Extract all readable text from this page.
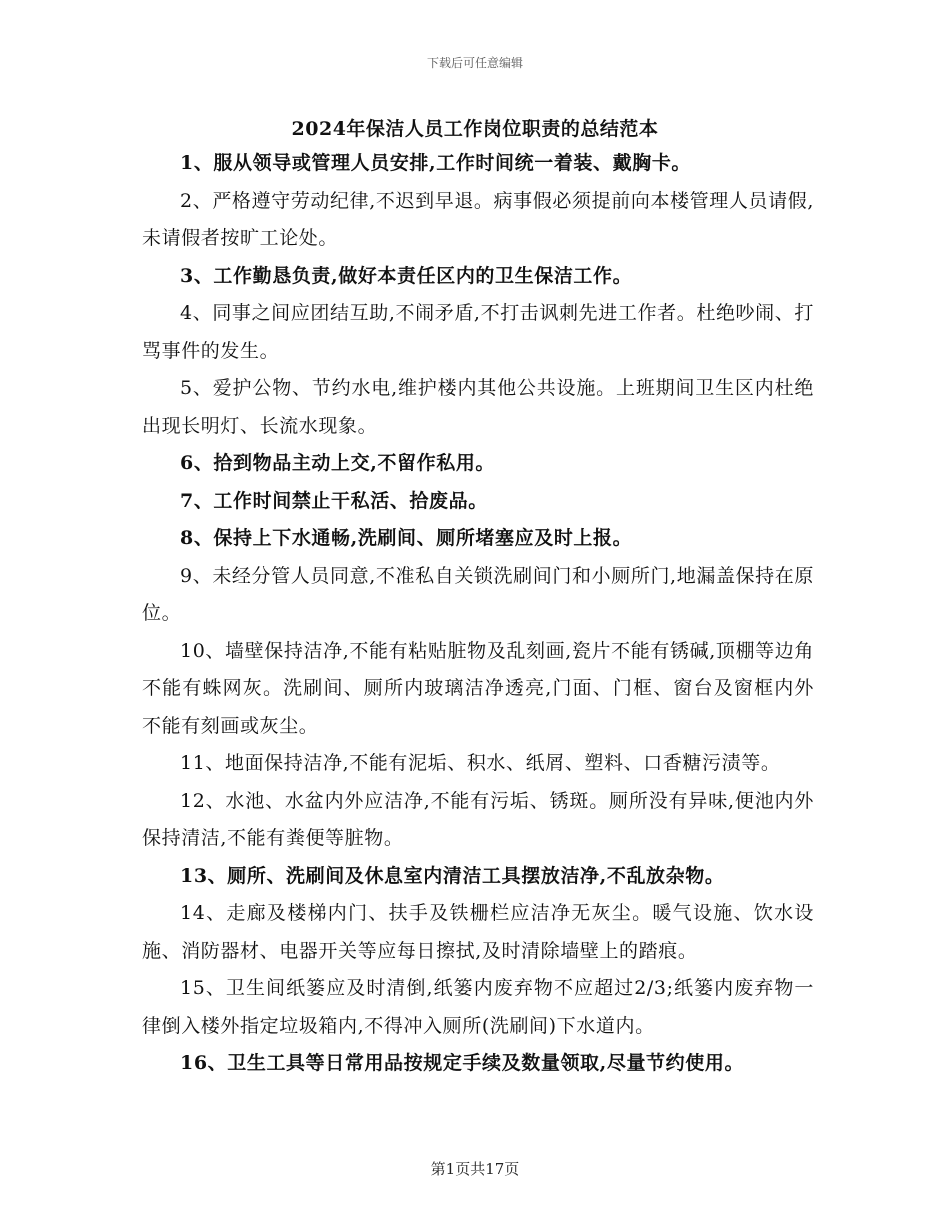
下载后可任意编辑
2024年保洁人员工作岗位职责的总结范本

1、服从领导或管理人员安排,工作时间统一着装、戴胸卡。

2、严格遵守劳动纪律,不迟到早退。病事假必须提前向本楼管理人员请假,未请假者按旷工论处。

3、工作勤恳负责,做好本责任区内的卫生保洁工作。

4、同事之间应团结互助,不闹矛盾,不打击讽刺先进工作者。杜绝吵闹、打骂事件的发生。

5、爱护公物、节约水电,维护楼内其他公共设施。上班期间卫生区内杜绝出现长明灯、长流水现象。

6、拾到物品主动上交,不留作私用。

7、工作时间禁止干私活、拾废品。

8、保持上下水通畅,洗刷间、厕所堵塞应及时上报。

9、未经分管人员同意,不准私自关锁洗刷间门和小厕所门,地漏盖保持在原位。

10、墙壁保持洁净,不能有粘贴脏物及乱刻画,瓷片不能有锈碱,顶棚等边角不能有蛛网灰。洗刷间、厕所内玻璃洁净透亮,门面、门框、窗台及窗框内外不能有刻画或灰尘。

11、地面保持洁净,不能有泥垢、积水、纸屑、塑料、口香糖污渍等。

12、水池、水盆内外应洁净,不能有污垢、锈斑。厕所没有异味,便池内外保持清洁,不能有粪便等脏物。

13、厕所、洗刷间及休息室内清洁工具摆放洁净,不乱放杂物。

14、走廊及楼梯内门、扶手及铁栅栏应洁净无灰尘。暖气设施、饮水设施、消防器材、电器开关等应每日擦拭,及时清除墙壁上的踏痕。

15、卫生间纸篓应及时清倒,纸篓内废弃物不应超过2/3;纸篓内废弃物一律倒入楼外指定垃圾箱内,不得冲入厕所(洗刷间)下水道内。

16、卫生工具等日常用品按规定手续及数量领取,尽量节约使用。

第1页共17页
